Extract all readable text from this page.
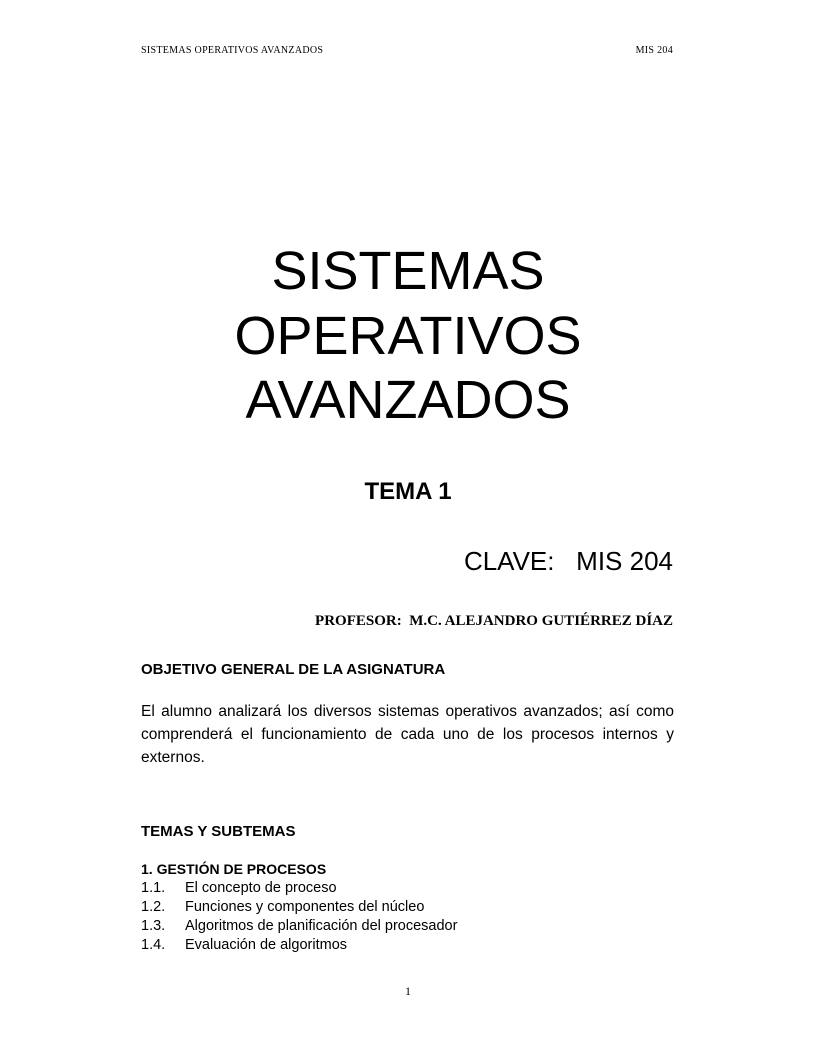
SISTEMAS OPERATIVOS AVANZADOS	MIS 204
SISTEMAS
OPERATIVOS
AVANZADOS
TEMA 1
CLAVE:   MIS 204
PROFESOR:  M.C. ALEJANDRO GUTIÉRREZ DÍAZ
OBJETIVO GENERAL DE LA ASIGNATURA
El alumno analizará los diversos sistemas operativos avanzados; así como comprenderá el funcionamiento de cada uno de los procesos internos y externos.
TEMAS Y SUBTEMAS
1. GESTIÓN DE PROCESOS
1.1.	El concepto de proceso
1.2.	Funciones y componentes del núcleo
1.3.	Algoritmos de planificación del procesador
1.4.	Evaluación de algoritmos
1
